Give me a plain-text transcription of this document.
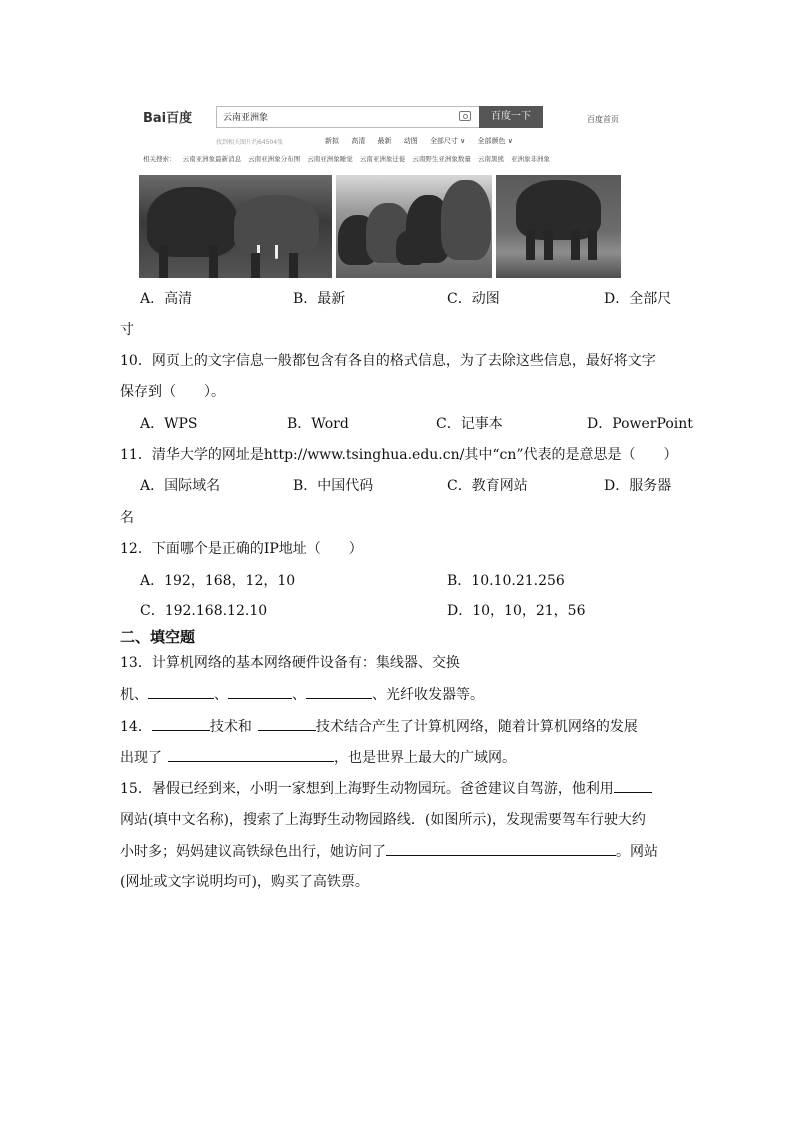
Bai百度	云南亚洲象	百度一下	百度首页
找到相关图片约64504张	新拟 高清 最新 动图 全部尺寸 ∨ 全部颜色 ∨
相关搜索： 云南亚洲象最新消息 云南亚洲象分布图 云南亚洲象睡觉 云南亚洲象迁徙 云南野生亚洲象数量 云南黑熊 亚洲象非洲象
A．高清	B．最新	C．动图	D．全部尺
寸
10．网页上的文字信息一般都包含有各自的格式信息，为了去除这些信息，最好将文字
保存到（　　）。
A．WPS	B．Word	C．记事本	D．PowerPoint
11．清华大学的网址是http://www.tsinghua.edu.cn/其中“cn”代表的是意思是（　　）
A．国际域名	B．中国代码	C．教育网站	D．服务器
名
12．下面哪个是正确的IP地址（　　）
A．192，168，12，10	B．10.10.21.256
C．192.168.12.10	D．10，10，21，56
二、填空题
13．计算机网络的基本网络硬件设备有：集线器、交换
机、	、	、	、光纤收发器等。
14．	技术和	技术结合产生了计算机网络，随着计算机网络的发展
出现了	，也是世界上最大的广域网。
15．暑假已经到来，小明一家想到上海野生动物园玩。爸爸建议自驾游，他利用
网站(填中文名称)，搜索了上海野生动物园路线．(如图所示)，发现需要驾车行驶大约
小时多；妈妈建议高铁绿色出行，她访问了	。网站
(网址或文字说明均可)，购买了高铁票。
